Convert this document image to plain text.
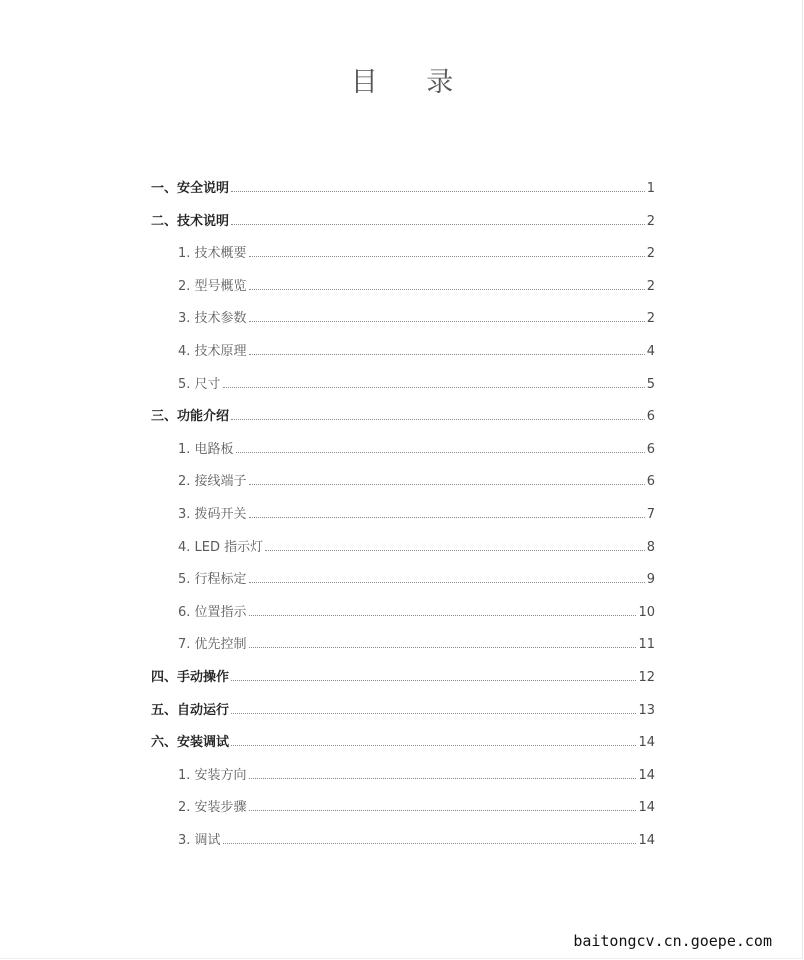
目 录
一、安全说明	1
二、技术说明	2
1. 技术概要	2
2. 型号概览	2
3. 技术参数	2
4. 技术原理	4
5. 尺寸	5
三、功能介绍	6
1. 电路板	6
2. 接线端子	6
3. 拨码开关	7
4. LED 指示灯	8
5. 行程标定	9
6. 位置指示	10
7. 优先控制	11
四、手动操作	12
五、自动运行	13
六、安装调试	14
1. 安装方向	14
2. 安装步骤	14
3. 调试	14
baitongcv.cn.goepe.com
